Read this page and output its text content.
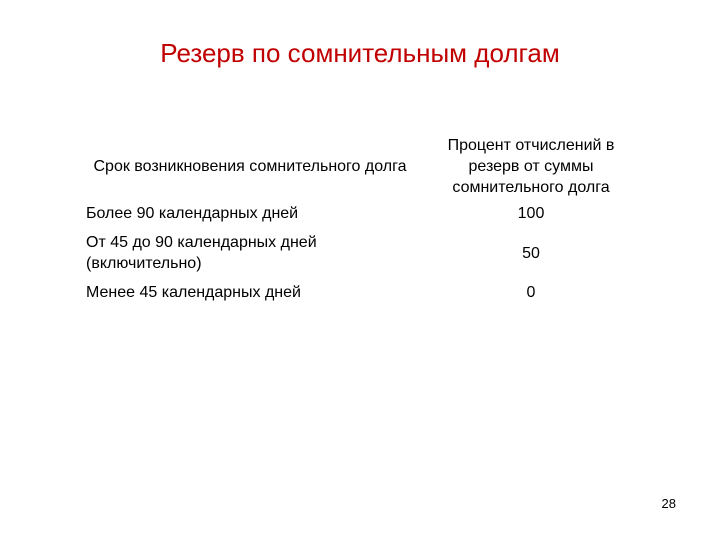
Резерв по сомнительным долгам
Срок возникновения сомнительного долга
Процент отчислений в резерв от суммы сомнительного долга
Более 90 календарных дней	100
От 45 до 90 календарных дней (включительно)
50
Менее 45 календарных дней	0
28
